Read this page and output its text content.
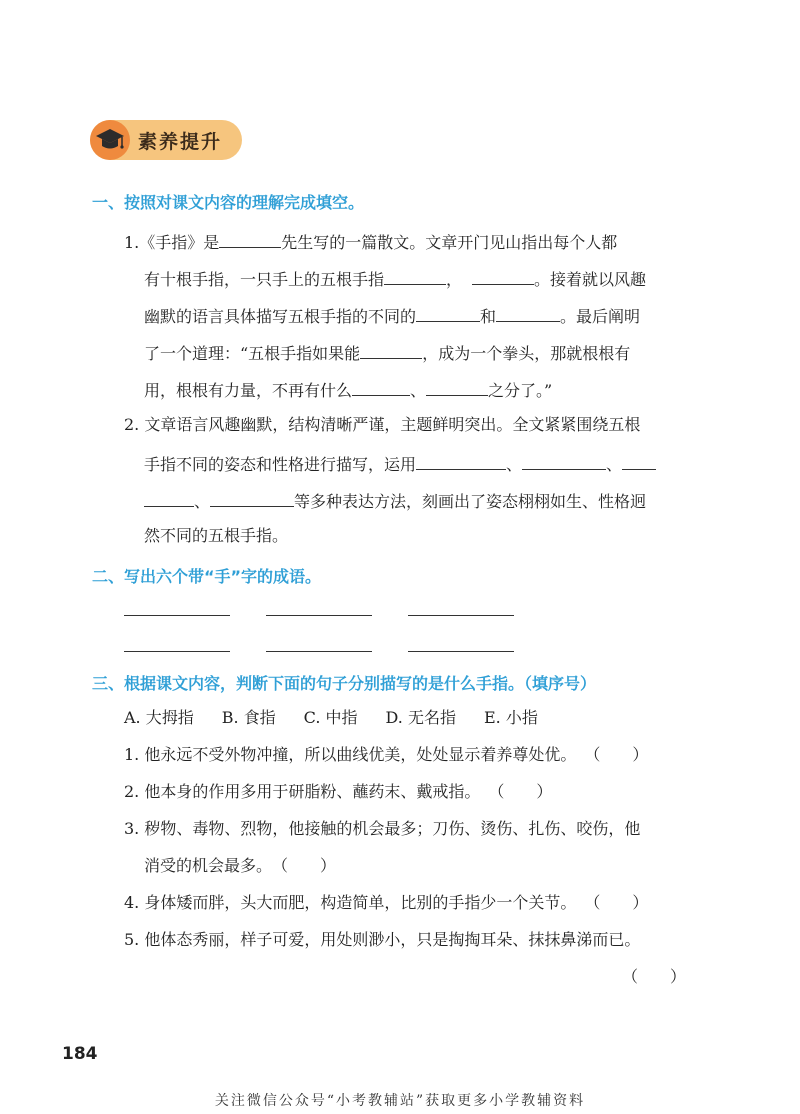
素养提升
一、按照对课文内容的理解完成填空。
1.《手指》是	先生写的一篇散文。文章开门见山指出每个人都
有十根手指，一只手上的五根手指	，	。接着就以风趣
幽默的语言具体描写五根手指的不同的	和	。最后阐明
了一个道理：“五根手指如果能	，成为一个拳头，那就根根有
用，根根有力量，不再有什么	、	之分了。”
2. 文章语言风趣幽默，结构清晰严谨，主题鲜明突出。全文紧紧围绕五根
手指不同的姿态和性格进行描写，运用	、	、
、	等多种表达方法，刻画出了姿态栩栩如生、性格迥
然不同的五根手指。
二、写出六个带“手”字的成语。
三、根据课文内容，判断下面的句子分别描写的是什么手指。（填序号）
A. 大拇指 B. 食指 C. 中指 D. 无名指 E. 小指
1. 他永远不受外物冲撞，所以曲线优美，处处显示着养尊处优。 （　　）
2. 他本身的作用多用于研脂粉、蘸药末、戴戒指。 （　　）
3. 秽物、毒物、烈物，他接触的机会最多；刀伤、烫伤、扎伤、咬伤，他
消受的机会最多。（　　）
4. 身体矮而胖，头大而肥，构造简单，比别的手指少一个关节。 （　　）
5. 他体态秀丽，样子可爱，用处则渺小，只是掏掏耳朵、抹抹鼻涕而已。
（　　）
184
关注微信公众号“小考教辅站”获取更多小学教辅资料
